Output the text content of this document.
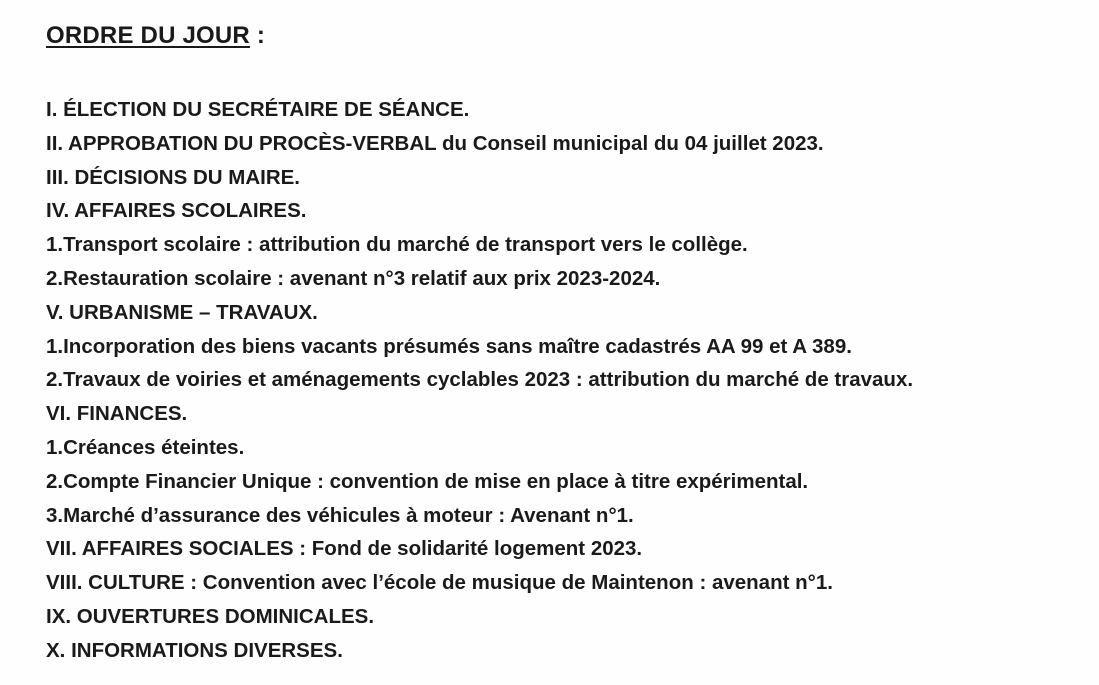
ORDRE DU JOUR :
I. ÉLECTION DU SECRÉTAIRE DE SÉANCE.
II. APPROBATION DU PROCÈS-VERBAL du Conseil municipal du 04 juillet 2023.
III. DÉCISIONS DU MAIRE.
IV. AFFAIRES SCOLAIRES.
1.Transport scolaire : attribution du marché de transport vers le collège.
2.Restauration scolaire : avenant n°3 relatif aux prix 2023-2024.
V. URBANISME – TRAVAUX.
1.Incorporation des biens vacants présumés sans maître cadastrés AA 99 et A 389.
2.Travaux de voiries et aménagements cyclables 2023 : attribution du marché de travaux.
VI. FINANCES.
1.Créances éteintes.
2.Compte Financier Unique : convention de mise en place à titre expérimental.
3.Marché d’assurance des véhicules à moteur : Avenant n°1.
VII. AFFAIRES SOCIALES : Fond de solidarité logement 2023.
VIII. CULTURE : Convention avec l’école de musique de Maintenon : avenant n°1.
IX. OUVERTURES DOMINICALES.
X. INFORMATIONS DIVERSES.
